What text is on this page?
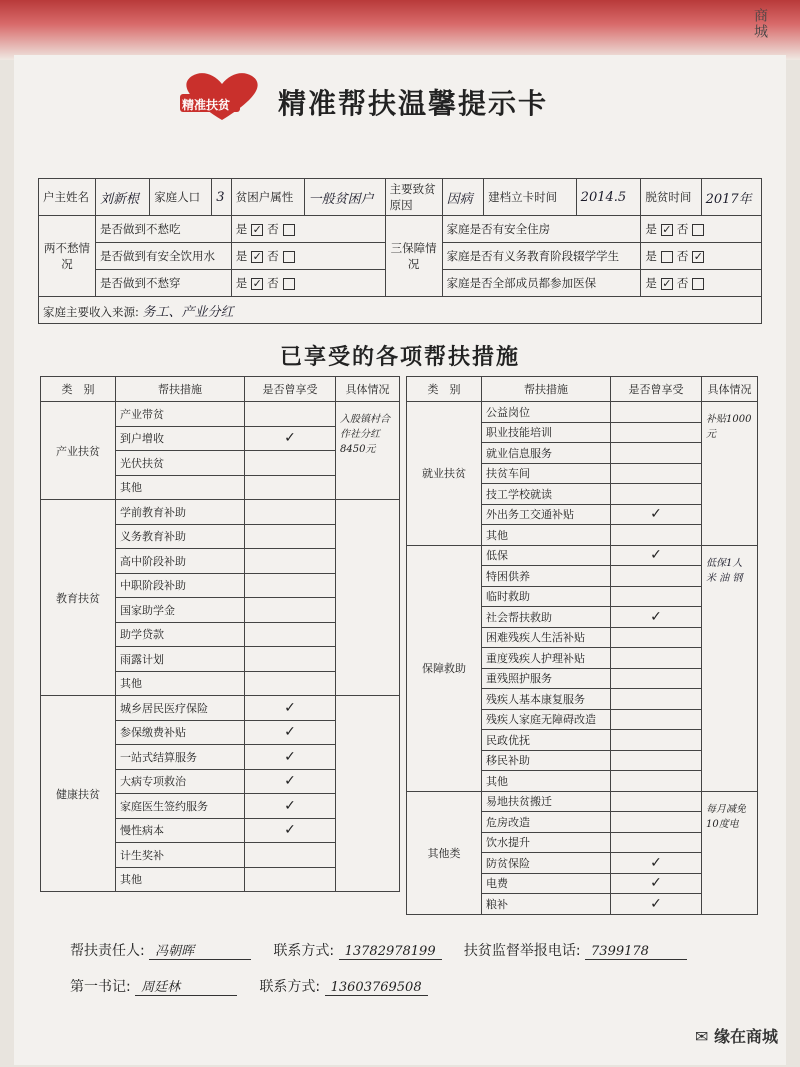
商城
精准扶贫 精准帮扶温馨提示卡
户主姓名	刘新根	家庭人口	3	贫困户属性	一般贫困户	主要致贫原因	因病	建档立卡时间	2014.5	脱贫时间	2017年
两不愁情况	是否做到不愁吃			是 ✓ 否		三保障情况	家庭是否有安全住房			是 ✓ 否	
	是否做到有安全饮用水			是 ✓ 否			家庭是否有义务教育阶段辍学学生			是 否 ✓	
	是否做到不愁穿			是 ✓ 否			家庭是否全部成员都参加医保			是 ✓ 否	
家庭主要收入来源: 务工、产业分红											
已享受的各项帮扶措施
类　别	帮扶措施	是否曾享受	具体情况
产业扶贫	产业带贫		入股镇村合作社分红8450元
	到户增收	✓	
	光伏扶贫		
	其他		
教育扶贫	学前教育补助		
	义务教育补助		
	高中阶段补助		
	中职阶段补助		
	国家助学金		
	助学贷款		
	雨露计划		
	其他		
健康扶贫	城乡居民医疗保险	✓	
	参保缴费补贴	✓	
	一站式结算服务	✓	
	大病专项救治	✓	
	家庭医生签约服务	✓	
	慢性病本	✓	
	计生奖补		
	其他		
类　别	帮扶措施	是否曾享受	具体情况
就业扶贫	公益岗位		补贴1000元
	职业技能培训		
	就业信息服务		
	扶贫车间		
	技工学校就读		
	外出务工交通补贴	✓	
	其他		
保障救助	低保	✓	低保1人
米 油 钢

	特困供养		
	临时救助		
	社会帮扶救助	✓	
	困难残疾人生活补贴		
	重度残疾人护理补贴		
	重残照护服务		
	残疾人基本康复服务		
	残疾人家庭无障碍改造		
	民政优抚		
	移民补助		
	其他		
其他类	易地扶贫搬迁		每月减免10度电
	危房改造		
	饮水提升		
	防贫保险	✓	
	电费	✓	
	粮补	✓	
帮扶责任人: 冯朝晖	联系方式: 13782978199 扶贫监督举报电话: 7399178
第一书记: 周廷林	联系方式: 13603769508
✉ 缘在商城
